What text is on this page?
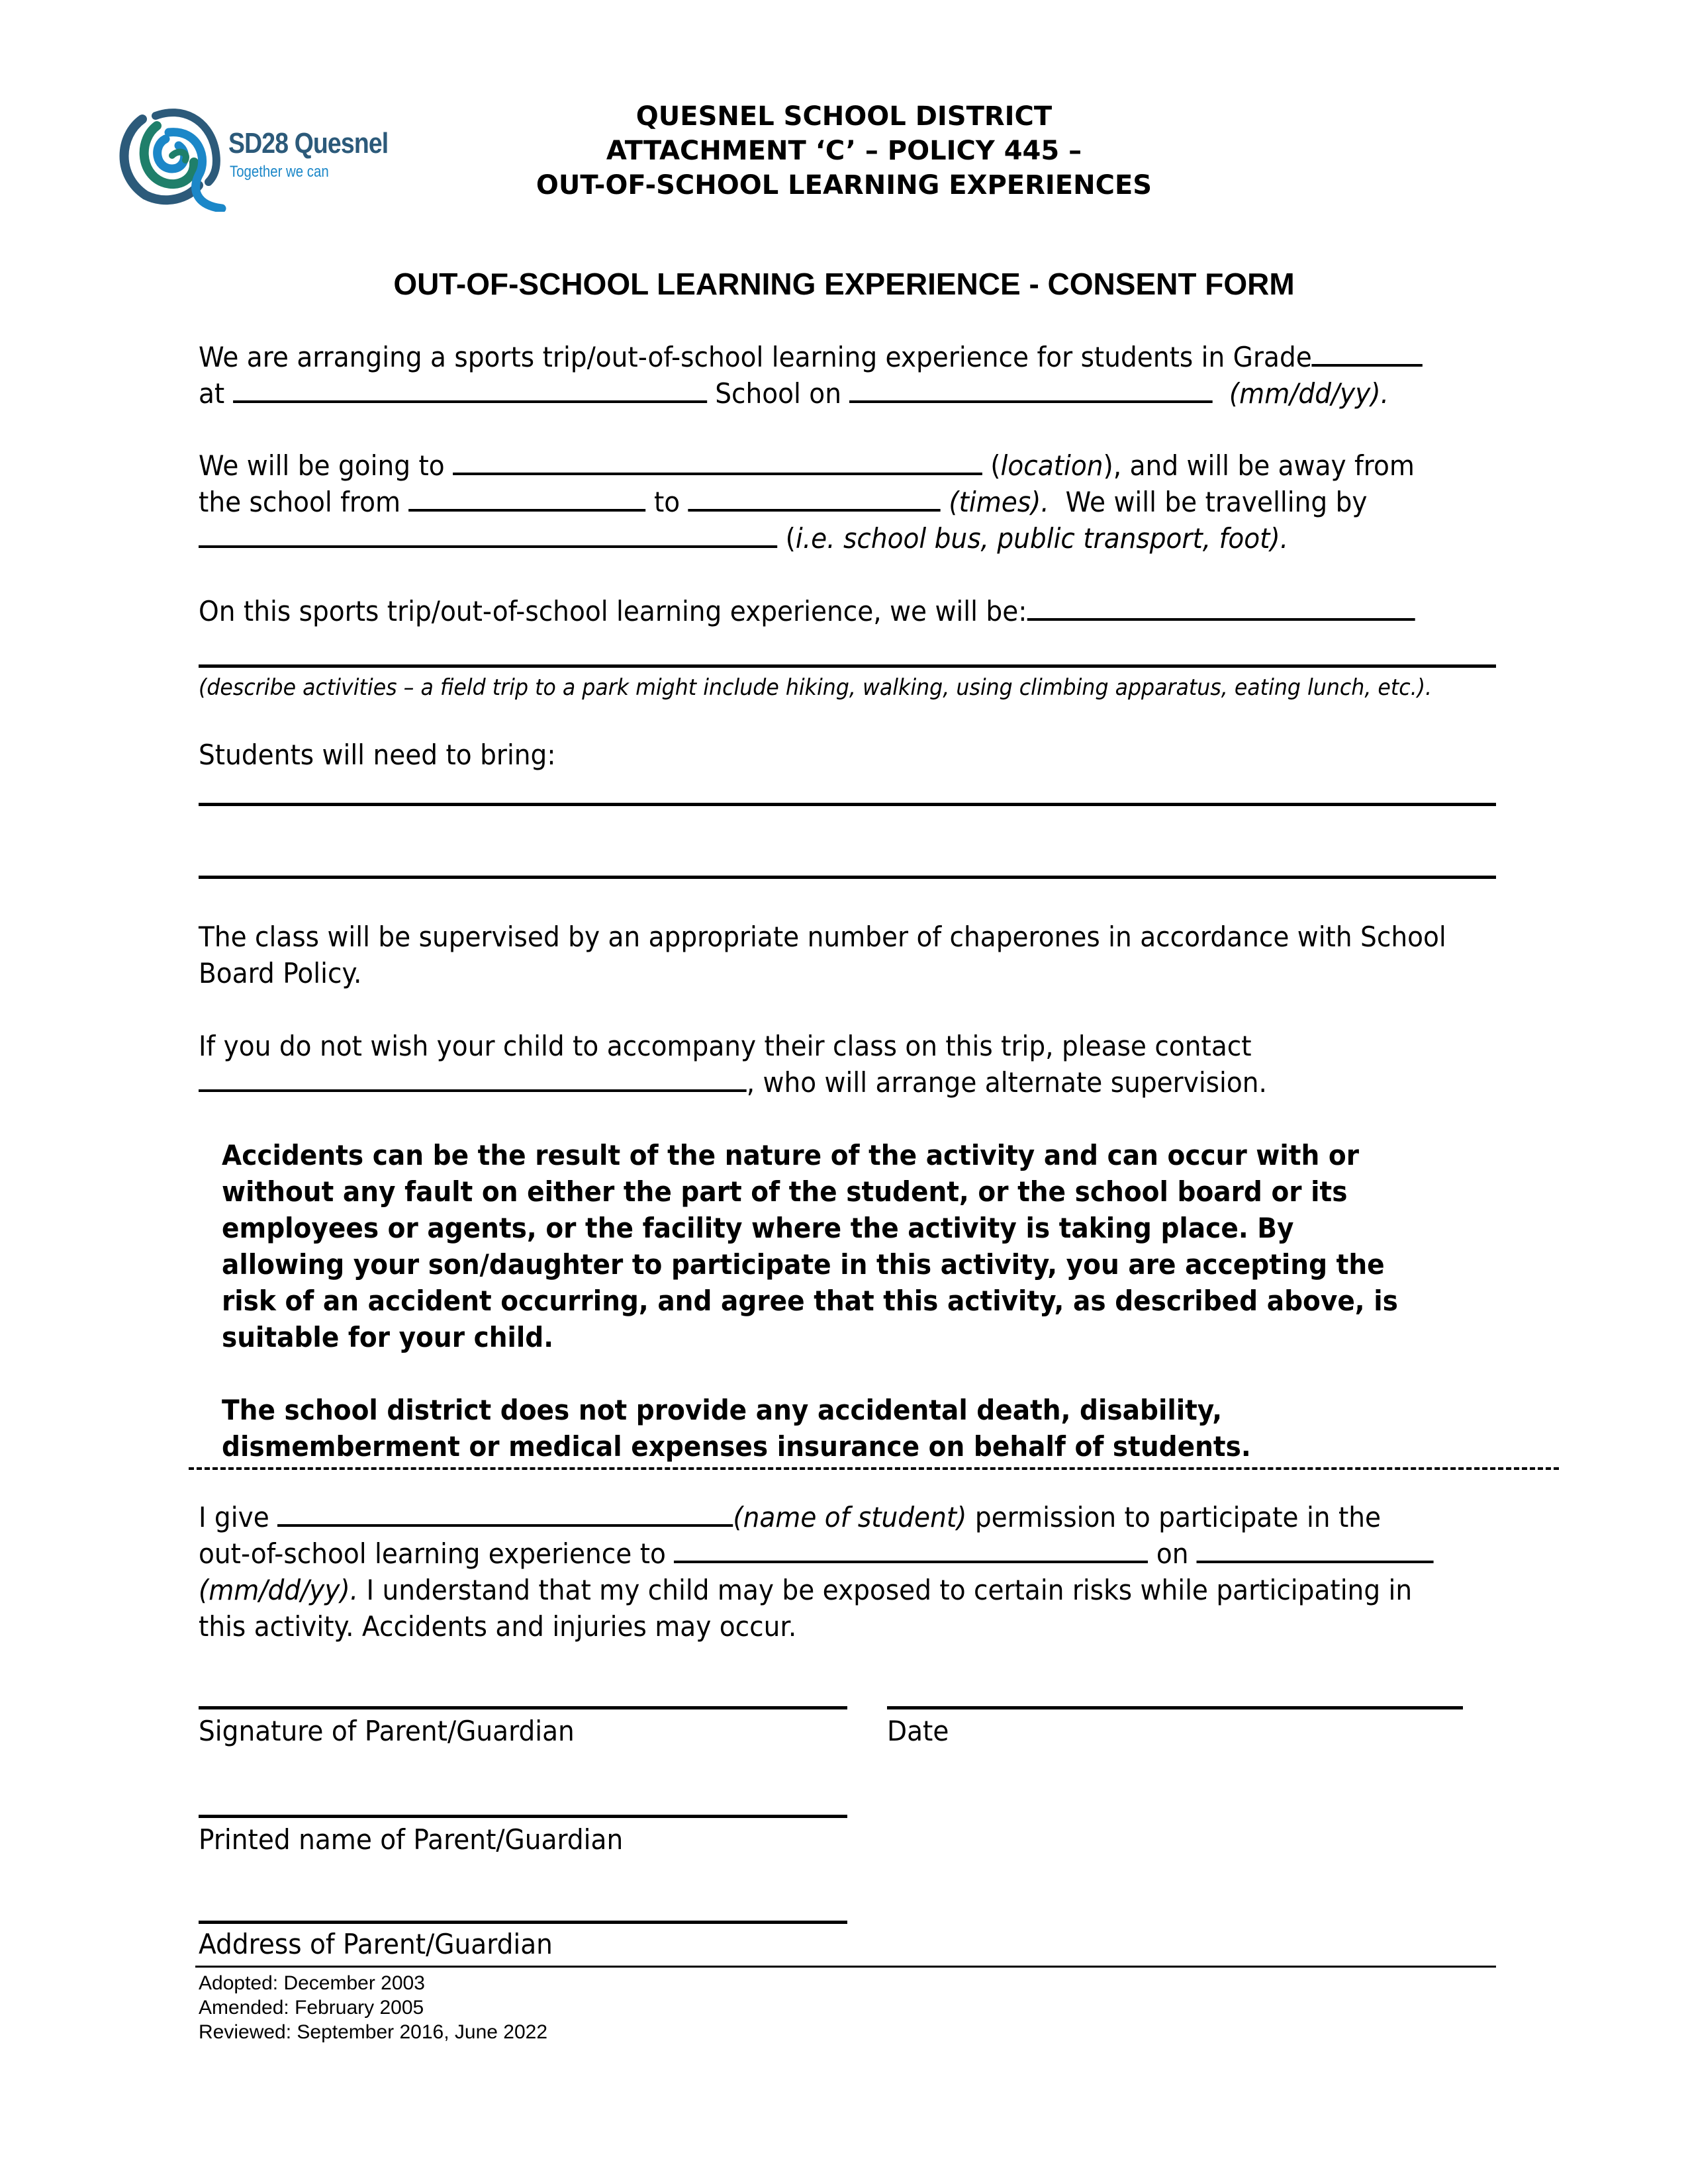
SD28 Quesnel
Together we can
QUESNEL SCHOOL DISTRICT
ATTACHMENT ‘C’ – POLICY 445 –
OUT-OF-SCHOOL LEARNING EXPERIENCES
OUT-OF-SCHOOL LEARNING EXPERIENCE - CONSENT FORM
We are arranging a sports trip/out-of-school learning experience for students in Grade
at	School on	(mm/dd/yy).
We will be going to	(location), and will be away from
the school from	to	(times). We will be travelling by
(i.e. school bus, public transport, foot).
On this sports trip/out-of-school learning experience, we will be:
(describe activities – a field trip to a park might include hiking, walking, using climbing apparatus, eating lunch, etc.).
Students will need to bring:
The class will be supervised by an appropriate number of chaperones in accordance with School
Board Policy.
If you do not wish your child to accompany their class on this trip, please contact
, who will arrange alternate supervision.
Accidents can be the result of the nature of the activity and can occur with or
without any fault on either the part of the student, or the school board or its
employees or agents, or the facility where the activity is taking place. By
allowing your son/daughter to participate in this activity, you are accepting the
risk of an accident occurring, and agree that this activity, as described above, is
suitable for your child.
The school district does not provide any accidental death, disability,
dismemberment or medical expenses insurance on behalf of students.
I give	(name of student) permission to participate in the
out-of-school learning experience to	on
(mm/dd/yy). I understand that my child may be exposed to certain risks while participating in
this activity. Accidents and injuries may occur.
Signature of Parent/Guardian	Date
Printed name of Parent/Guardian
Address of Parent/Guardian
Adopted: December 2003
Amended: February 2005
Reviewed: September 2016, June 2022
